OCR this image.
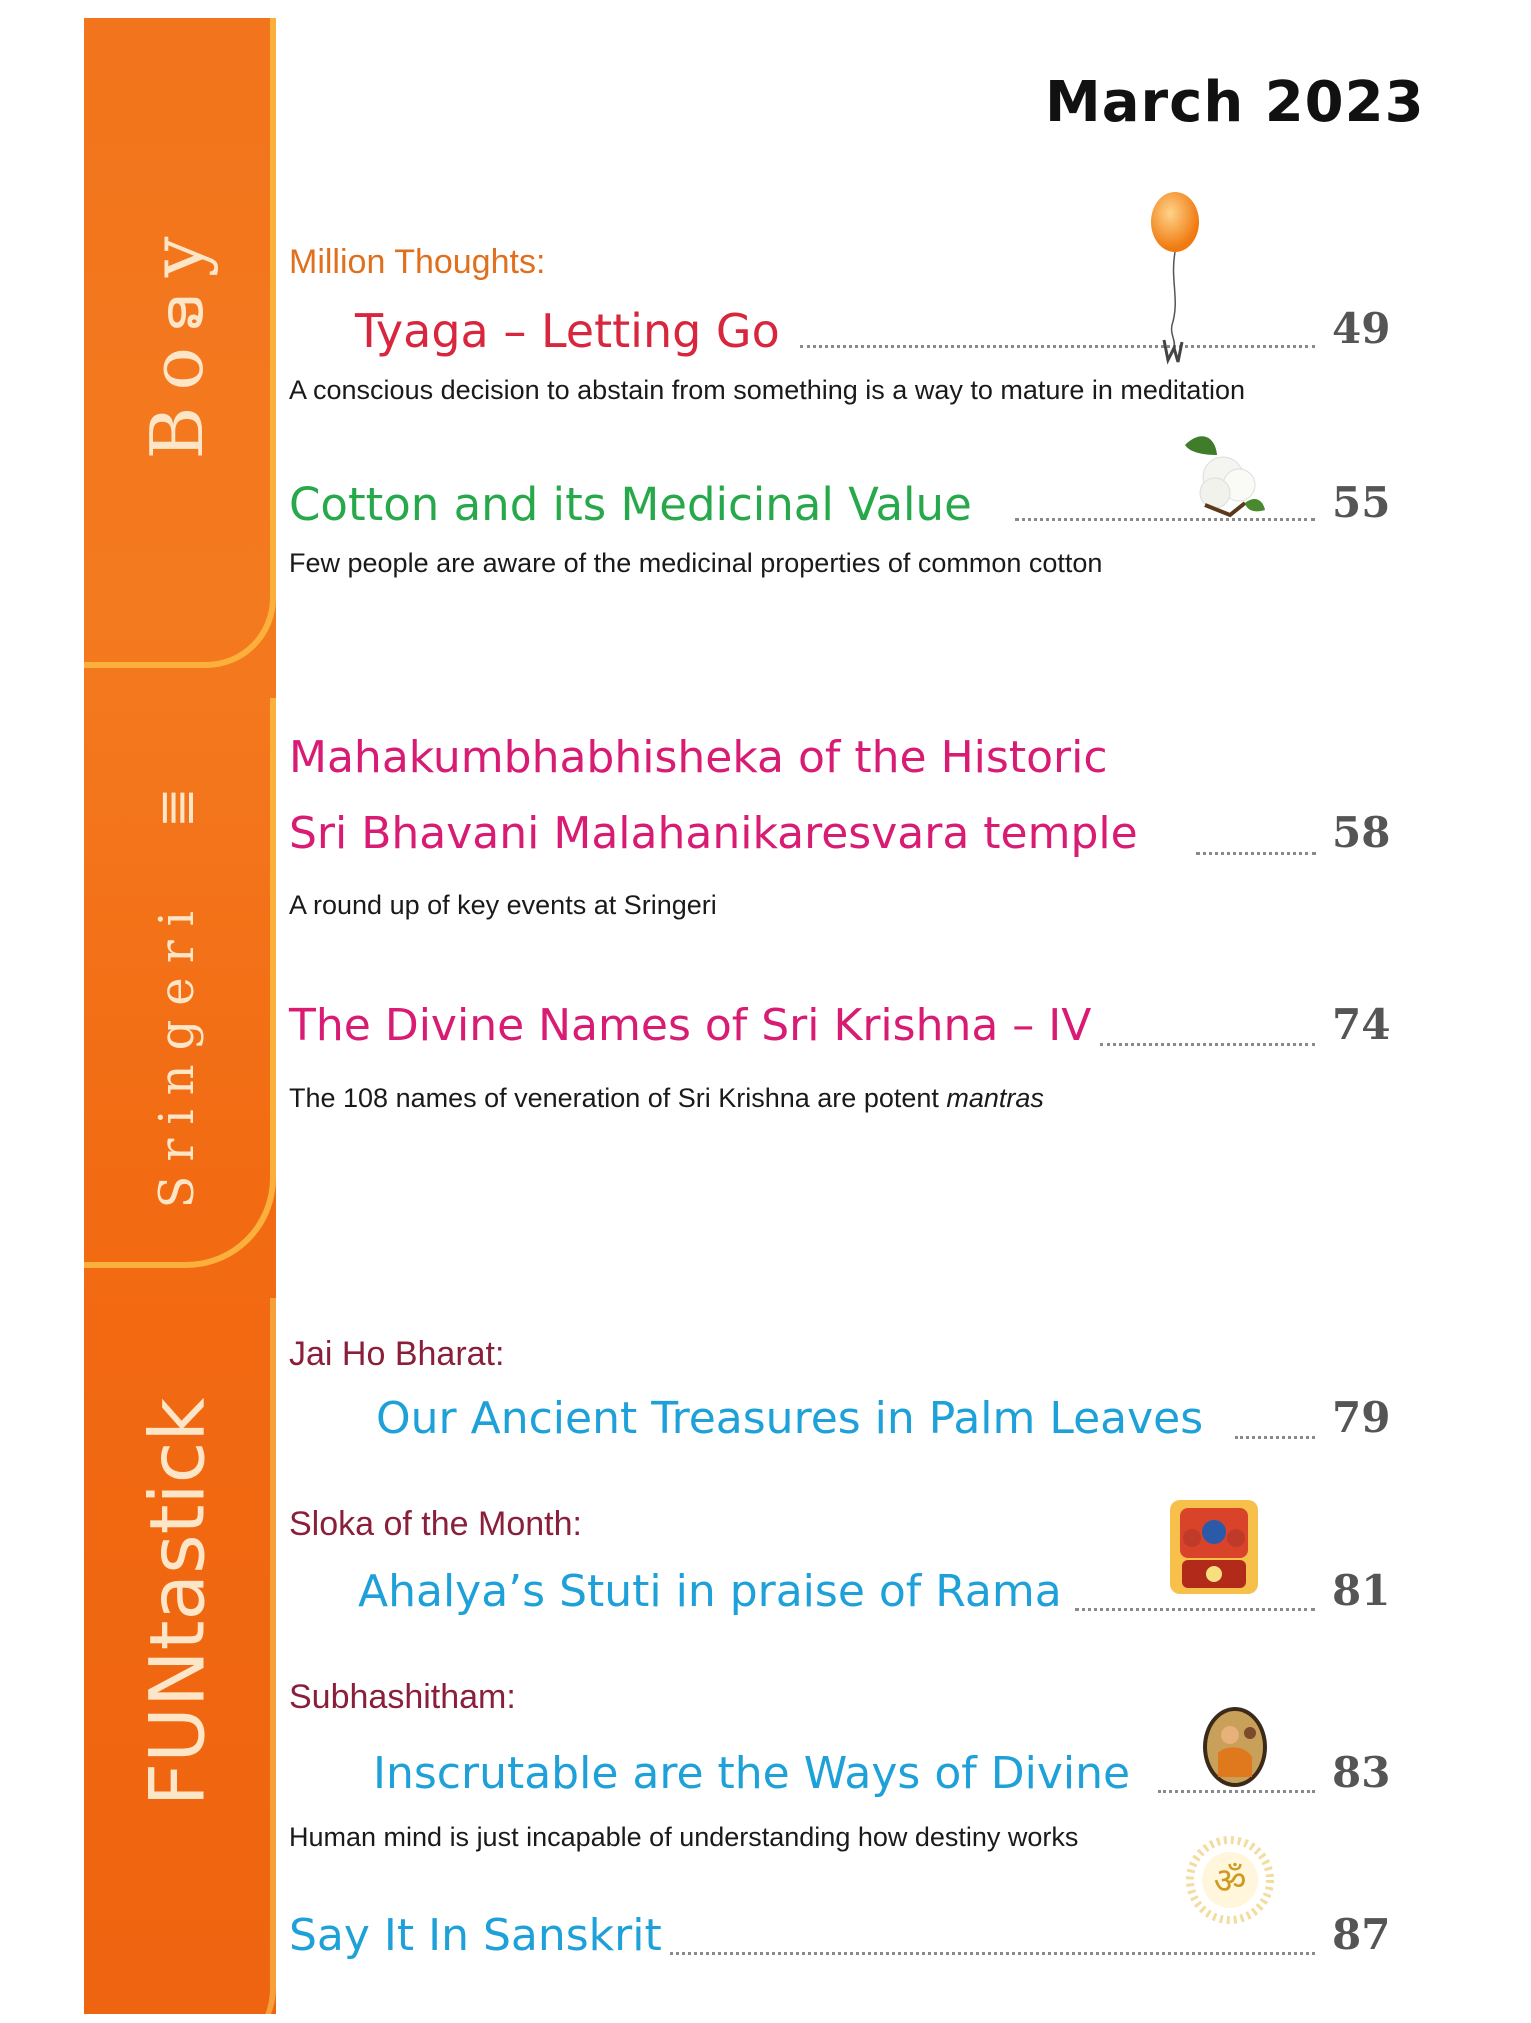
Boອy
Sringeri ≣
FUNtastick
March 2023
Million Thoughts:
Tyaga – Letting Go	49
A conscious decision to abstain from something is a way to mature in meditation
Cotton and its Medicinal Value	55
Few people are aware of the medicinal properties of common cotton
Mahakumbhabhisheka of the Historic
Sri Bhavani Malahanikaresvara temple	58
A round up of key events at Sringeri
The Divine Names of Sri Krishna – IV	74
The 108 names of veneration of Sri Krishna are potent mantras
Jai Ho Bharat:
Our Ancient Treasures in Palm Leaves	79
Sloka of the Month:
Ahalya’s Stuti in praise of Rama	81
Subhashitham:
Inscrutable are the Ways of Divine	83
Human mind is just incapable of understanding how destiny works
Say It In Sanskrit	87
ॐ
